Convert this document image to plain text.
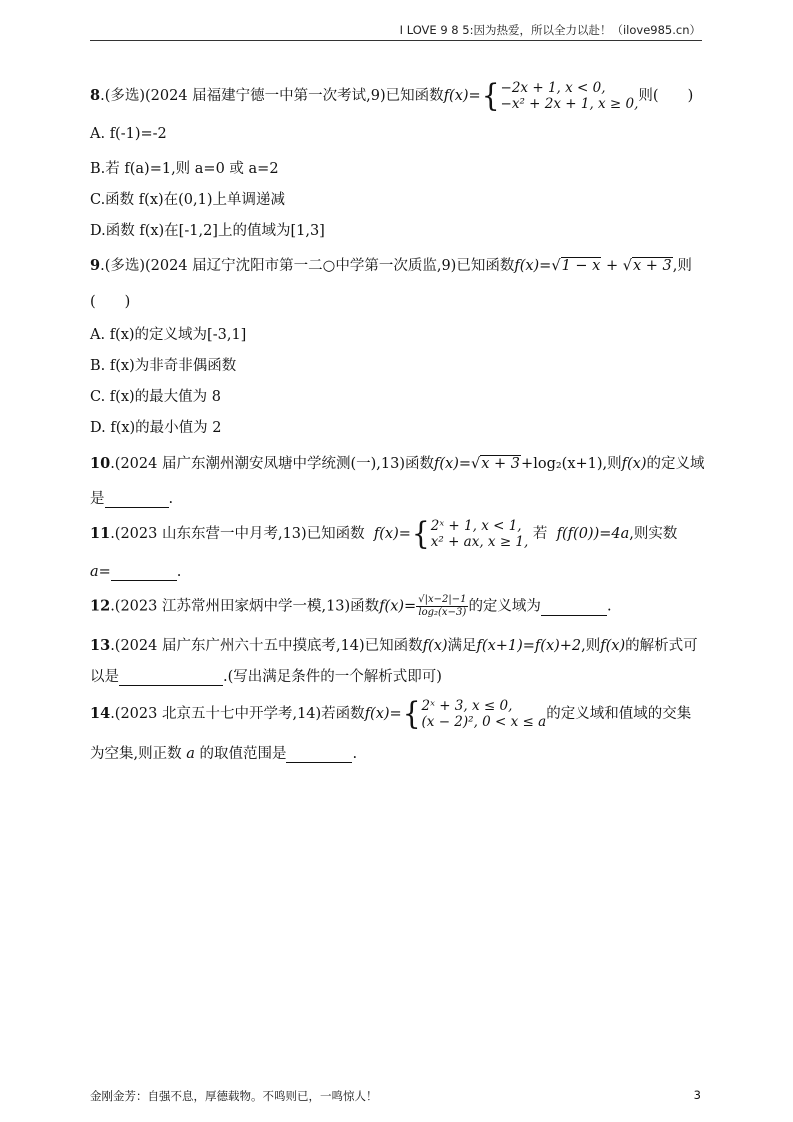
I LOVE 9 8 5:因为热爱，所以全力以赴！（ilove985.cn）
8.(多选)(2024 届福建宁德一中第一次考试,9)已知函数f(x)={ −2x + 1, x < 0,
−x² + 2x + 1, x ≥ 0, 则(　　)
A. f(-1)=-2
B.若 f(a)=1,则 a=0 或 a=2
C.函数 f(x)在(0,1)上单调递减
D.函数 f(x)在[-1,2]上的值域为[1,3]
9.(多选)(2024 届辽宁沈阳市第一二○中学第一次质监,9)已知函数f(x)=√1 − x + √x + 3,则
(　　)
A. f(x)的定义域为[-3,1]
B. f(x)为非奇非偶函数
C. f(x)的最大值为 8
D. f(x)的最小值为 2
10.(2024 届广东潮州潮安凤塘中学统测(一),13)函数f(x)=√x + 3+log₂(x+1),则f(x)的定义域
是	.
11.(2023 山东东营一中月考,13)已知函数 f(x)={ 2ˣ + 1, x < 1,
x² + ax, x ≥ 1, 若 f(f(0))=4a,则实数
a=	.
12.(2023 江苏常州田家炳中学一模,13)函数$f(x)= \frac{√|x-2|-1}{\text{log₂(x−3)}}$ 的定义域为	.
13.(2024 届广东广州六十五中摸底考,14)已知函数f(x)满足f(x+1)=f(x)+2,则f(x)的解析式可
以是	.(写出满足条件的一个解析式即可)
14.(2023 北京五十七中开学考,14)若函数f(x)={ 2ˣ + 3, x ≤ 0,
(x − 2)², 0 < x ≤ a 的定义域和值域的交集
为空集,则正数 a 的取值范围是	.
金刚金芳：自强不息，厚德载物。不鸣则已，一鸣惊人！	3
